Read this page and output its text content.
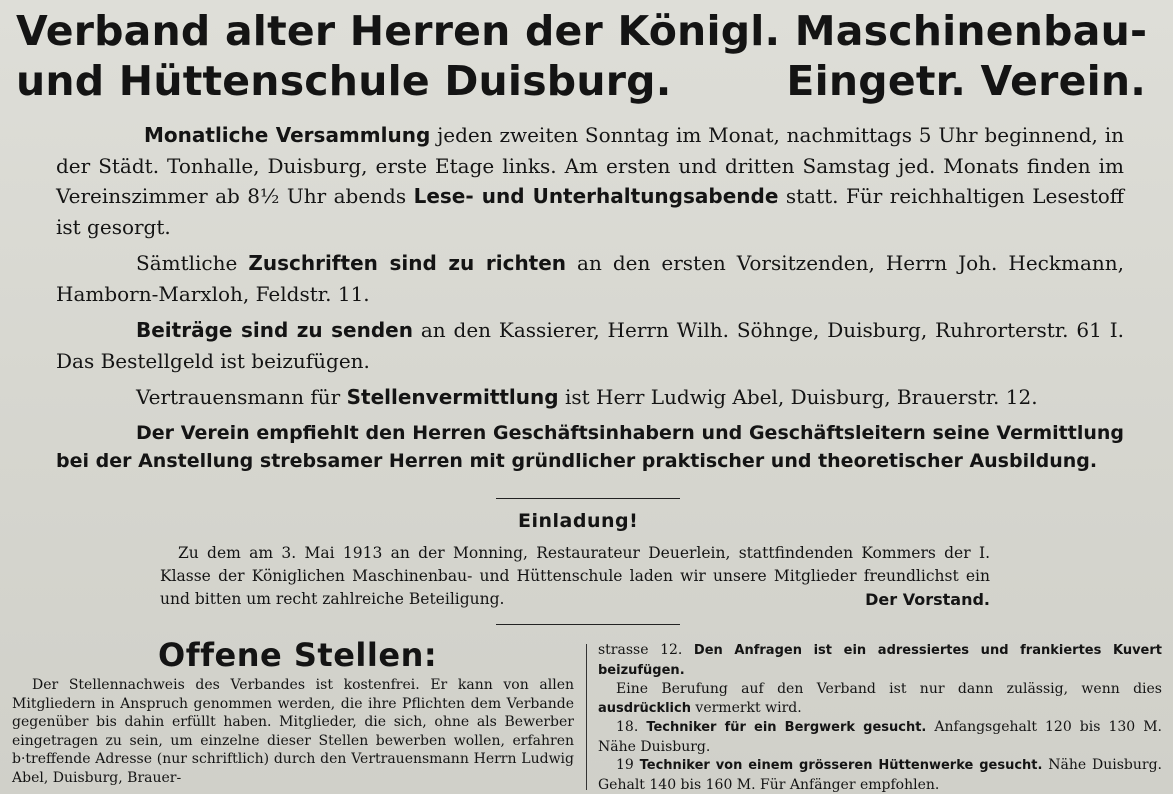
Verband alter Herren der Königl. Maschinenbau-
und Hüttenschule Duisburg.	Eingetr. Verein.

Monatliche Versammlung jeden zweiten Sonntag im Monat, nachmittags 5 Uhr beginnend, in der Städt. Tonhalle, Duisburg, erste Etage links. Am ersten und dritten Samstag jed. Monats finden im Vereinszimmer ab 8½ Uhr abends Lese- und Unterhaltungsabende statt. Für reichhaltigen Lesestoff ist gesorgt.

Sämtliche Zuschriften sind zu richten an den ersten Vorsitzenden, Herrn Joh. Heckmann, Hamborn-Marxloh, Feldstr. 11.

Beiträge sind zu senden an den Kassierer, Herrn Wilh. Söhnge, Duisburg, Ruhrorterstr. 61 I. Das Bestellgeld ist beizufügen.

Vertrauensmann für Stellenvermittlung ist Herr Ludwig Abel, Duisburg, Brauerstr. 12.

Der Verein empfiehlt den Herren Geschäftsinhabern und Geschäftsleitern seine Vermittlung bei der Anstellung strebsamer Herren mit gründlicher praktischer und theoretischer Ausbildung.

Einladung!

Zu dem am 3. Mai 1913 an der Monning, Restaurateur Deuerlein, stattfindenden Kommers der I. Klasse der Königlichen Maschinenbau- und Hüttenschule laden wir unsere Mitglieder freundlichst ein und bitten um recht zahlreiche Beteiligung.	Der Vorstand.

Offene Stellen:

Der Stellennachweis des Verbandes ist kostenfrei. Er kann von allen Mitgliedern in Anspruch genommen werden, die ihre Pflichten dem Verbande gegenüber bis dahin erfüllt haben. Mitglieder, die sich, ohne als Bewerber eingetragen zu sein, um einzelne dieser Stellen bewerben wollen, erfahren b·treffende Adresse (nur schriftlich) durch den Vertrauensmann Herrn Ludwig Abel, Duisburg, Brauer-

strasse 12. Den Anfragen ist ein adressiertes und frankiertes Kuvert beizufügen.

Eine Berufung auf den Verband ist nur dann zulässig, wenn dies ausdrücklich vermerkt wird.

18. Techniker für ein Bergwerk gesucht. Anfangsgehalt 120 bis 130 M. Nähe Duisburg.

19 Techniker von einem grösseren Hüttenwerke gesucht. Nähe Duisburg. Gehalt 140 bis 160 M. Für Anfänger empfohlen.
